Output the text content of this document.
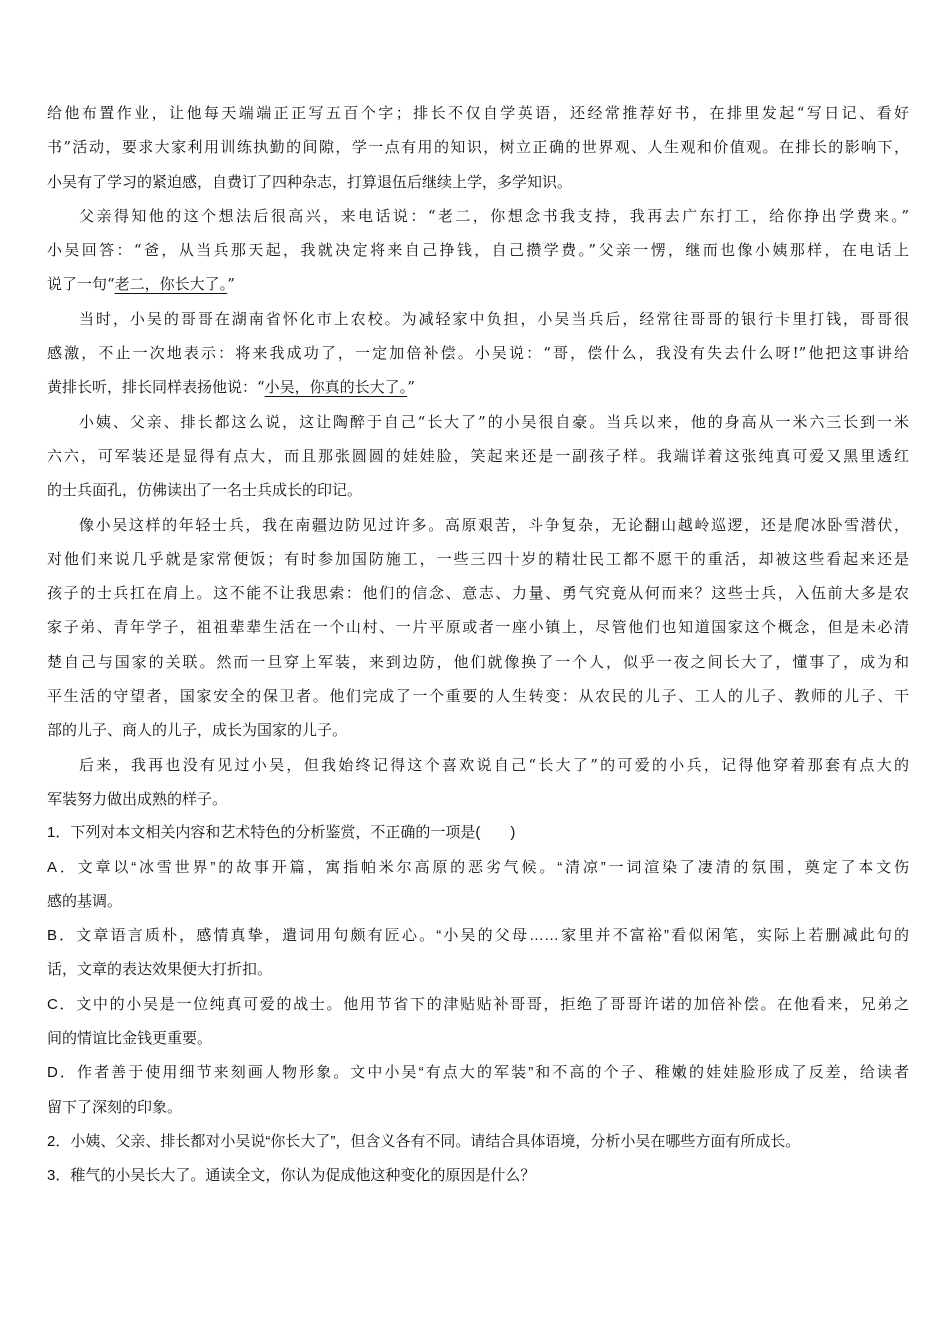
给他布置作业，让他每天端端正正写五百个字；排长不仅自学英语，还经常推荐好书，在排里发起“写日记、看好
书”活动，要求大家利用训练执勤的间隙，学一点有用的知识，树立正确的世界观、人生观和价值观。在排长的影响下，
小吴有了学习的紧迫感，自费订了四种杂志，打算退伍后继续上学，多学知识。
父亲得知他的这个想法后很高兴，来电话说：“老二，你想念书我支持，我再去广东打工，给你挣出学费来。”
小吴回答：“爸，从当兵那天起，我就决定将来自己挣钱，自己攒学费。”父亲一愣，继而也像小姨那样，在电话上
说了一句“老二，你长大了。”
当时，小吴的哥哥在湖南省怀化市上农校。为减轻家中负担，小吴当兵后，经常往哥哥的银行卡里打钱，哥哥很
感激，不止一次地表示：将来我成功了，一定加倍补偿。小吴说：“哥，偿什么，我没有失去什么呀!”他把这事讲给
黄排长听，排长同样表扬他说：“小吴，你真的长大了。”
小姨、父亲、排长都这么说，这让陶醉于自己“长大了”的小吴很自豪。当兵以来，他的身高从一米六三长到一米
六六，可军装还是显得有点大，而且那张圆圆的娃娃脸，笑起来还是一副孩子样。我端详着这张纯真可爱又黑里透红
的士兵面孔，仿佛读出了一名士兵成长的印记。
像小吴这样的年轻士兵，我在南疆边防见过许多。高原艰苦，斗争复杂，无论翻山越岭巡逻，还是爬冰卧雪潜伏，
对他们来说几乎就是家常便饭；有时参加国防施工，一些三四十岁的精壮民工都不愿干的重活，却被这些看起来还是
孩子的士兵扛在肩上。这不能不让我思索：他们的信念、意志、力量、勇气究竟从何而来？这些士兵，入伍前大多是农
家子弟、青年学子，祖祖辈辈生活在一个山村、一片平原或者一座小镇上，尽管他们也知道国家这个概念，但是未必清
楚自己与国家的关联。然而一旦穿上军装，来到边防，他们就像换了一个人，似乎一夜之间长大了，懂事了，成为和
平生活的守望者，国家安全的保卫者。他们完成了一个重要的人生转变：从农民的儿子、工人的儿子、教师的儿子、干
部的儿子、商人的儿子，成长为国家的儿子。
后来，我再也没有见过小吴，但我始终记得这个喜欢说自己“长大了”的可爱的小兵，记得他穿着那套有点大的
军装努力做出成熟的样子。
1．下列对本文相关内容和艺术特色的分析鉴赏，不正确的一项是(　　)
A．文章以“冰雪世界”的故事开篇，寓指帕米尔高原的恶劣气候。“清凉”一词渲染了凄清的氛围，奠定了本文伤
感的基调。
B．文章语言质朴，感情真挚，遣词用句颇有匠心。“小吴的父母……家里并不富裕”看似闲笔，实际上若删减此句的
话，文章的表达效果便大打折扣。
C．文中的小吴是一位纯真可爱的战士。他用节省下的津贴贴补哥哥，拒绝了哥哥许诺的加倍补偿。在他看来，兄弟之
间的情谊比金钱更重要。
D．作者善于使用细节来刻画人物形象。文中小吴“有点大的军装”和不高的个子、稚嫩的娃娃脸形成了反差，给读者
留下了深刻的印象。
2．小姨、父亲、排长都对小吴说“你长大了”，但含义各有不同。请结合具体语境，分析小吴在哪些方面有所成长。
3．稚气的小吴长大了。通读全文，你认为促成他这种变化的原因是什么？
